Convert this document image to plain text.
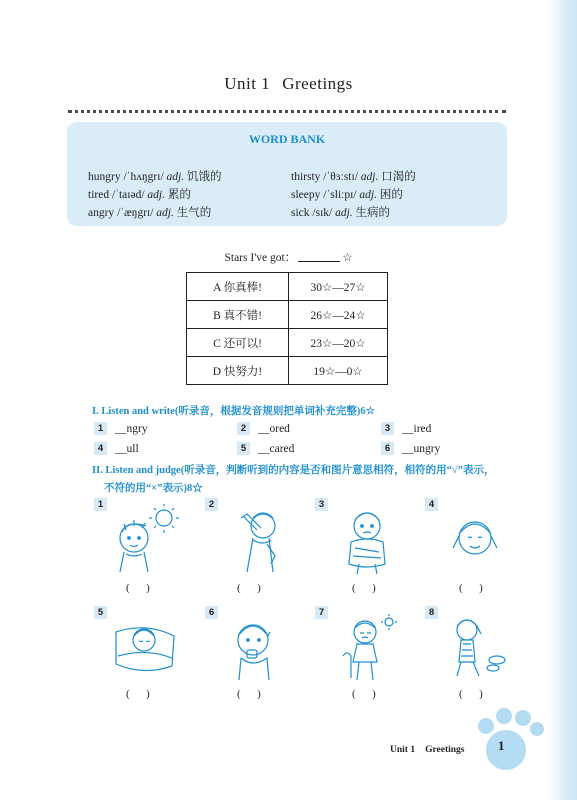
Unit 1 Greetings
WORD BANK
hungry /ˈhʌŋgrɪ/ adj. 饥饿的	thirsty /ˈθɜːstɪ/ adj. 口渴的
tired /ˈtaɪəd/ adj. 累的	sleepy /ˈsliːpɪ/ adj. 困的
angry /ˈæŋgrɪ/ adj. 生气的	sick /sɪk/ adj. 生病的
Stars I've got：	☆
A 你真棒!	30☆—27☆
B 真不错!	26☆—24☆
C 还可以!	23☆—20☆
D 快努力!	19☆—0☆
I. Listen and write(听录音，根据发音规则把单词补充完整)6☆
1	__ngry	2	__ored	3	__ired
4	__ull	5	__cared	6	__ungry
II. Listen and judge(听录音，判断听到的内容是否和图片意思相符，相符的用“√”表示，
不符的用“×”表示)8☆
1
(      )
2
(      )
3
(      )
4
(      )
5
(      )
6
(      )
7
(      )
8
(      )
Unit 1 Greetings	1
